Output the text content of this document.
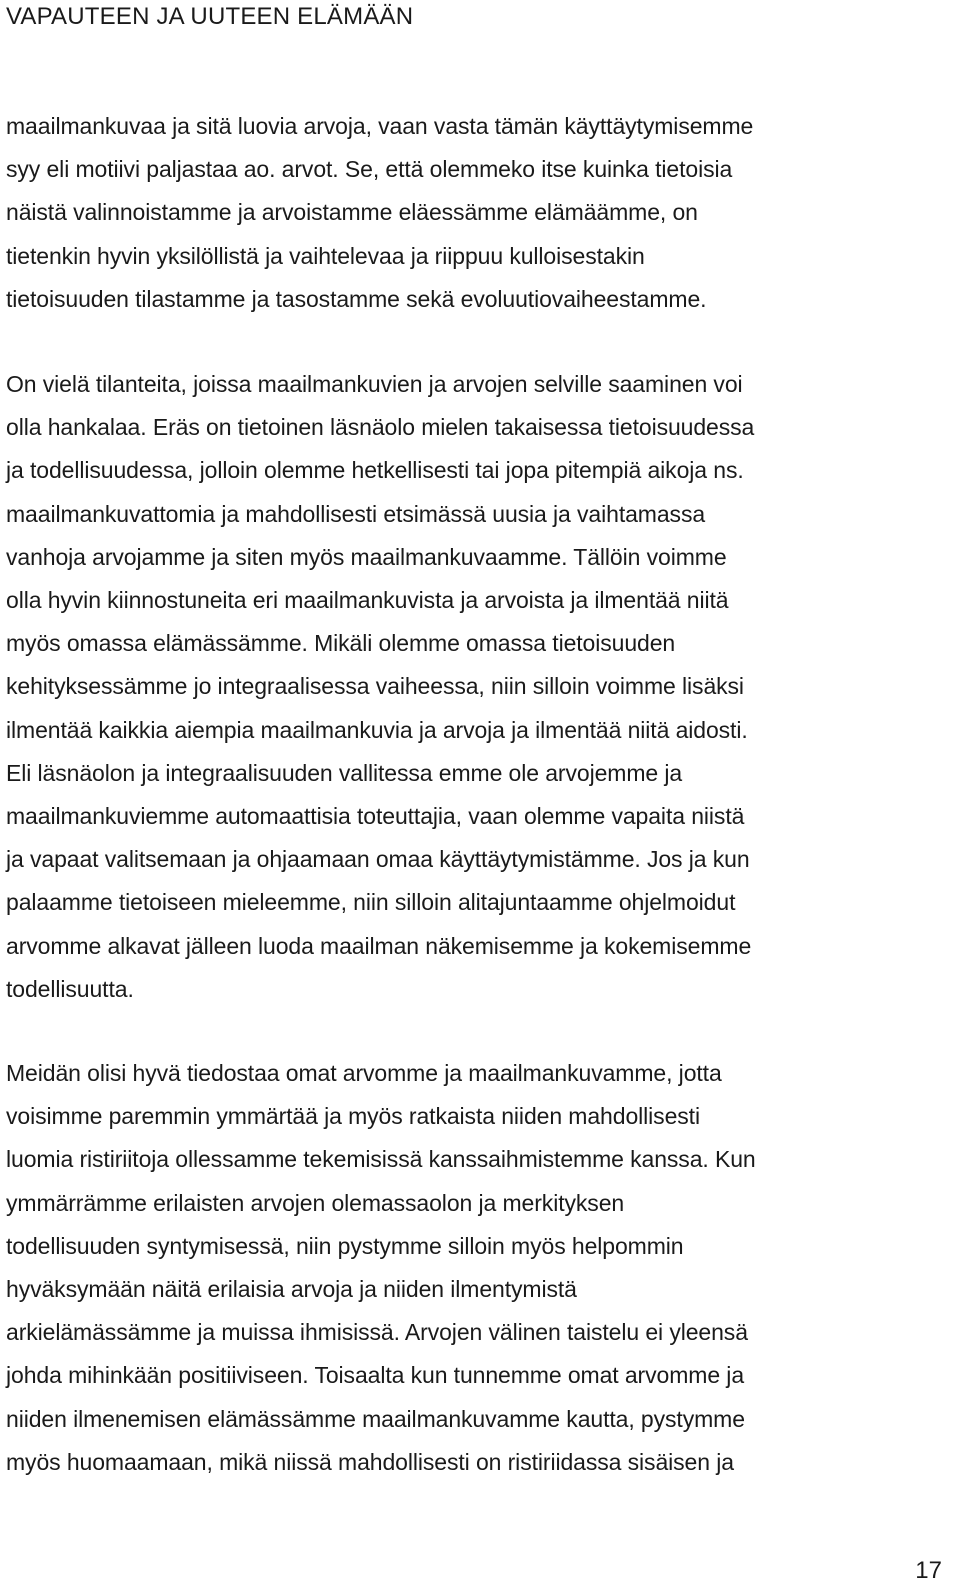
VAPAUTEEN JA UUTEEN ELÄMÄÄN
maailmankuvaa ja sitä luovia arvoja, vaan vasta tämän käyttäytymisemme
syy eli motiivi paljastaa ao. arvot. Se, että olemmeko itse kuinka tietoisia
näistä valinnoistamme ja arvoistamme eläessämme elämäämme, on
tietenkin hyvin yksilöllistä ja vaihtelevaa ja riippuu kulloisestakin
tietoisuuden tilastamme ja tasostamme sekä evoluutiovaiheestamme.
On vielä tilanteita, joissa maailmankuvien ja arvojen selville saaminen voi
olla hankalaa. Eräs on tietoinen läsnäolo mielen takaisessa tietoisuudessa
ja todellisuudessa, jolloin olemme hetkellisesti tai jopa pitempiä aikoja ns.
maailmankuvattomia ja mahdollisesti etsimässä uusia ja vaihtamassa
vanhoja arvojamme ja siten myös maailmankuvaamme. Tällöin voimme
olla hyvin kiinnostuneita eri maailmankuvista ja arvoista ja ilmentää niitä
myös omassa elämässämme. Mikäli olemme omassa tietoisuuden
kehityksessämme jo integraalisessa vaiheessa, niin silloin voimme lisäksi
ilmentää kaikkia aiempia maailmankuvia ja arvoja ja ilmentää niitä aidosti.
Eli läsnäolon ja integraalisuuden vallitessa emme ole arvojemme ja
maailmankuviemme automaattisia toteuttajia, vaan olemme vapaita niistä
ja vapaat valitsemaan ja ohjaamaan omaa käyttäytymistämme. Jos ja kun
palaamme tietoiseen mieleemme, niin silloin alitajuntaamme ohjelmoidut
arvomme alkavat jälleen luoda maailman näkemisemme ja kokemisemme
todellisuutta.
Meidän olisi hyvä tiedostaa omat arvomme ja maailmankuvamme, jotta
voisimme paremmin ymmärtää ja myös ratkaista niiden mahdollisesti
luomia ristiriitoja ollessamme tekemisissä kanssaihmistemme kanssa. Kun
ymmärrämme erilaisten arvojen olemassaolon ja merkityksen
todellisuuden syntymisessä, niin pystymme silloin myös helpommin
hyväksymään näitä erilaisia arvoja ja niiden ilmentymistä
arkielämässämme ja muissa ihmisissä. Arvojen välinen taistelu ei yleensä
johda mihinkään positiiviseen. Toisaalta kun tunnemme omat arvomme ja
niiden ilmenemisen elämässämme maailmankuvamme kautta, pystymme
myös huomaamaan, mikä niissä mahdollisesti on ristiriidassa sisäisen ja
17
